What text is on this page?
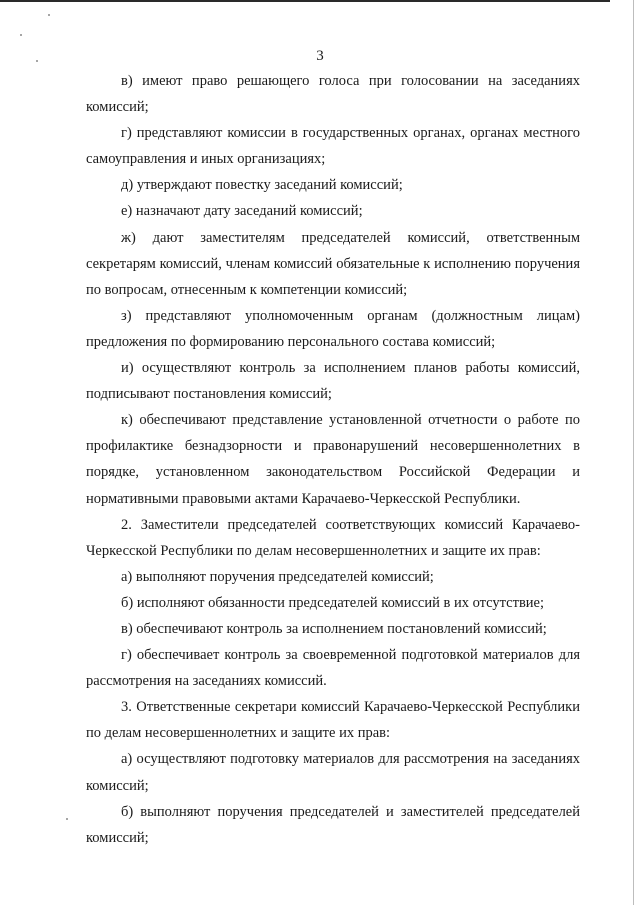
3

в) имеют право решающего голоса при голосовании на заседаниях комиссий;

г) представляют комиссии в государственных органах, органах местного самоуправления и иных организациях;

д) утверждают повестку заседаний комиссий;

е) назначают дату заседаний комиссий;

ж) дают заместителям председателей комиссий, ответственным секретарям комиссий, членам комиссий обязательные к исполнению поручения по вопросам, отнесенным к компетенции комиссий;

з) представляют уполномоченным органам (должностным лицам) предложения по формированию персонального состава комиссий;

и) осуществляют контроль за исполнением планов работы комиссий, подписывают постановления комиссий;

к) обеспечивают представление установленной отчетности о работе по профилактике безнадзорности и правонарушений несовершеннолетних в порядке, установленном законодательством Российской Федерации и нормативными правовыми актами Карачаево-Черкесской Республики.

2. Заместители председателей соответствующих комиссий Карачаево-Черкесской Республики по делам несовершеннолетних и защите их прав:

а) выполняют поручения председателей комиссий;

б) исполняют обязанности председателей комиссий в их отсутствие;

в) обеспечивают контроль за исполнением постановлений комиссий;

г) обеспечивает контроль за своевременной подготовкой материалов для рассмотрения на заседаниях комиссий.

3. Ответственные секретари комиссий Карачаево-Черкесской Республики по делам несовершеннолетних и защите их прав:

а) осуществляют подготовку материалов для рассмотрения на заседаниях комиссий;

б) выполняют поручения председателей и заместителей председателей комиссий;
